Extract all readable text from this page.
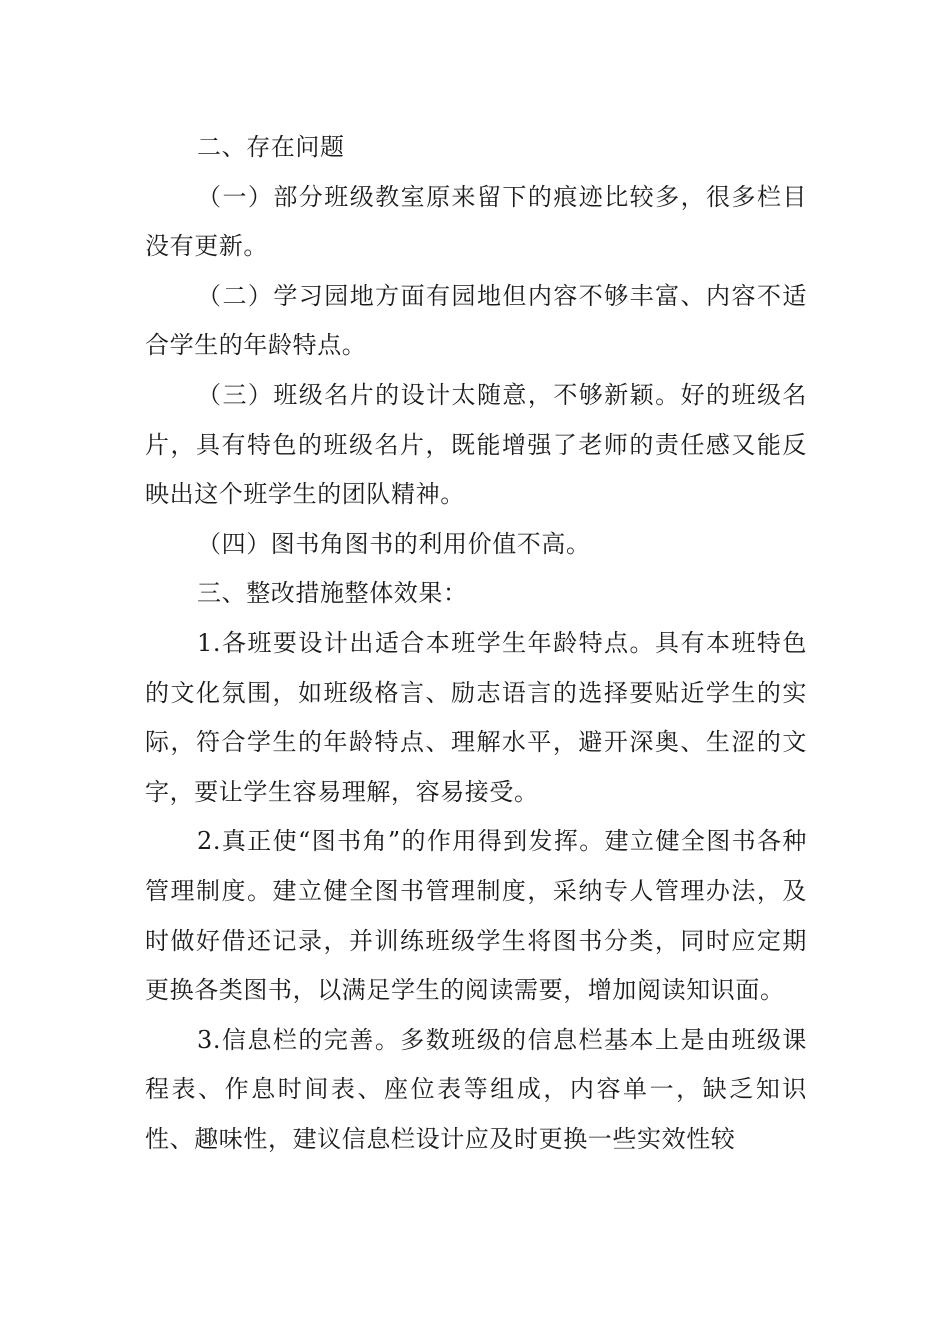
二、存在问题

（一）部分班级教室原来留下的痕迹比较多，很多栏目没有更新。

（二）学习园地方面有园地但内容不够丰富、内容不适合学生的年龄特点。

（三）班级名片的设计太随意，不够新颖。好的班级名片，具有特色的班级名片，既能增强了老师的责任感又能反映出这个班学生的团队精神。

（四）图书角图书的利用价值不高。

三、整改措施整体效果：

1.各班要设计出适合本班学生年龄特点。具有本班特色的文化氛围，如班级格言、励志语言的选择要贴近学生的实际，符合学生的年龄特点、理解水平，避开深奥、生涩的文字，要让学生容易理解，容易接受。

2.真正使“图书角”的作用得到发挥。建立健全图书各种管理制度。建立健全图书管理制度，采纳专人管理办法，及时做好借还记录，并训练班级学生将图书分类，同时应定期更换各类图书，以满足学生的阅读需要，增加阅读知识面。

3.信息栏的完善。多数班级的信息栏基本上是由班级课程表、作息时间表、座位表等组成，内容单一，缺乏知识性、趣味性，建议信息栏设计应及时更换一些实效性较
